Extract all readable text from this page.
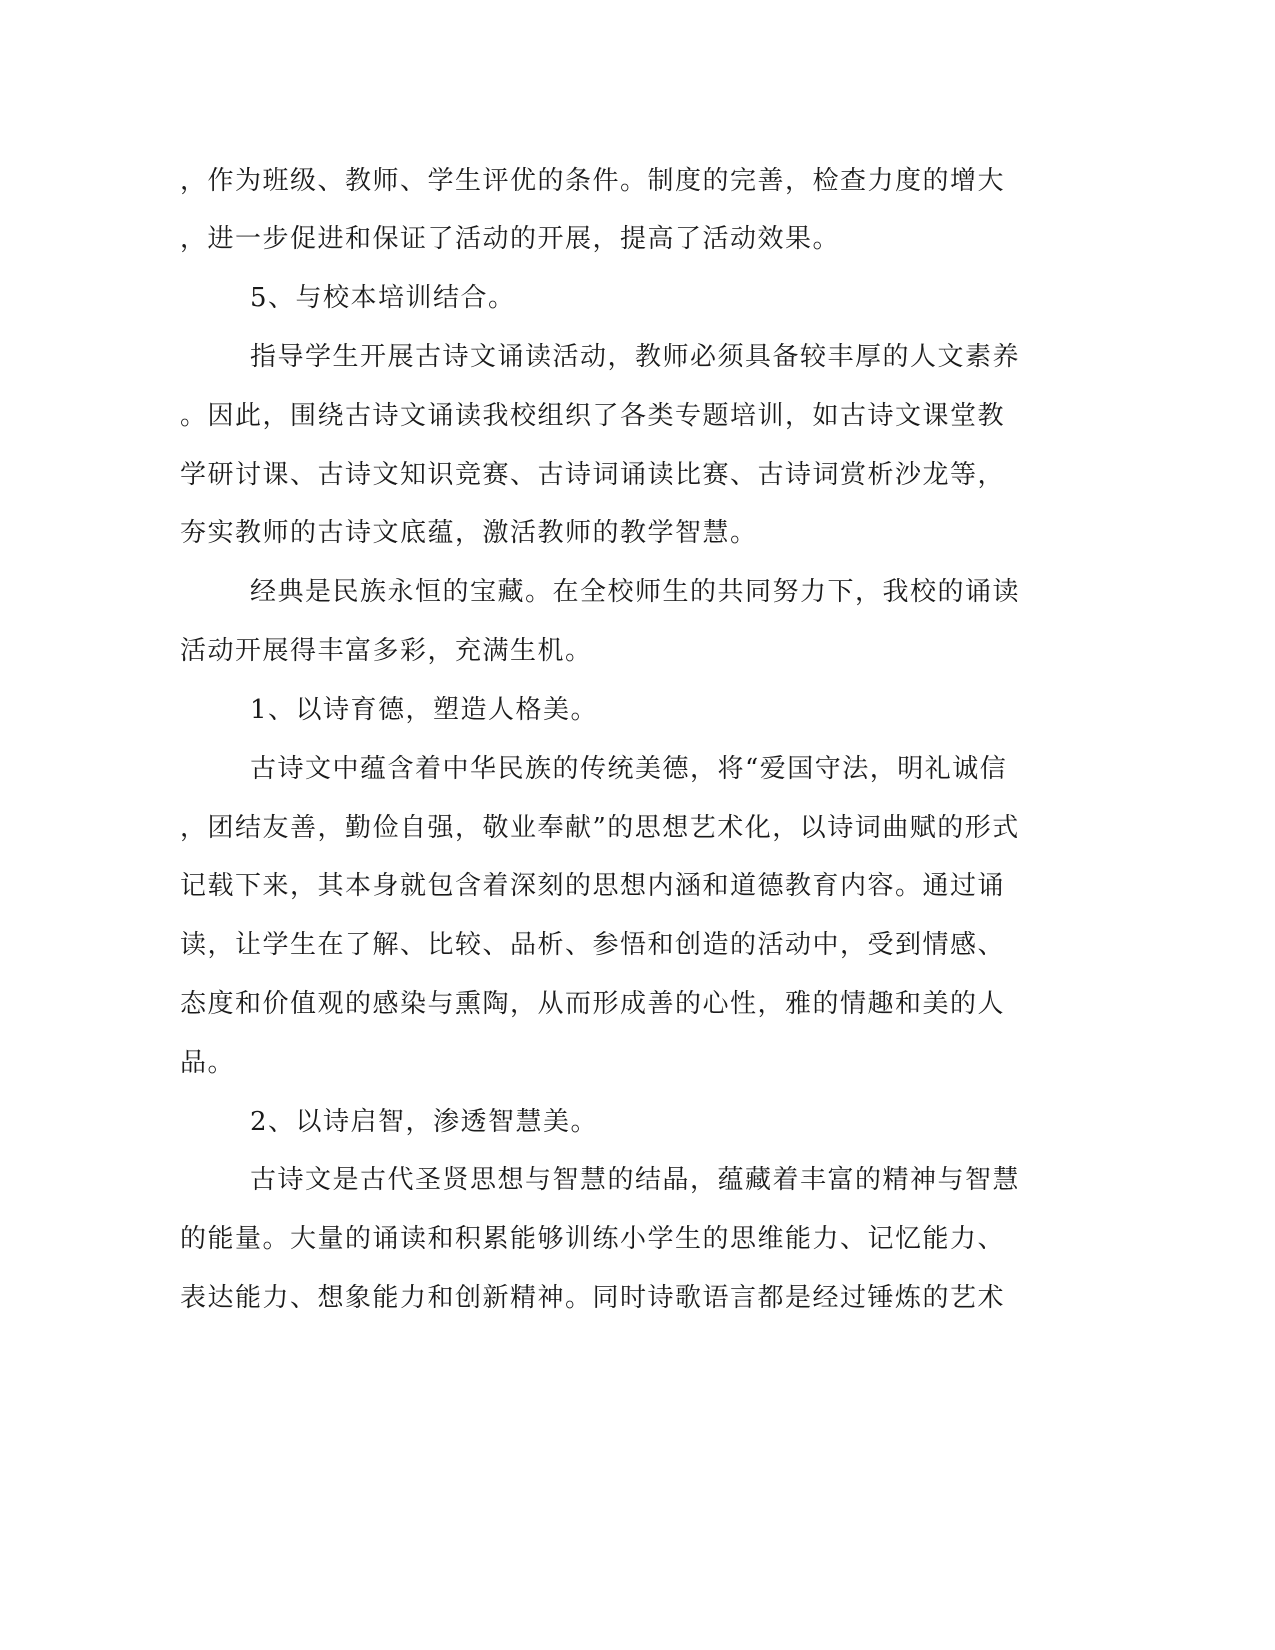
，作为班级、教师、学生评优的条件。制度的完善，检查力度的增大
，进一步促进和保证了活动的开展，提高了活动效果。
5、与校本培训结合。
指导学生开展古诗文诵读活动，教师必须具备较丰厚的人文素养
。因此，围绕古诗文诵读我校组织了各类专题培训，如古诗文课堂教
学研讨课、古诗文知识竞赛、古诗词诵读比赛、古诗词赏析沙龙等，
夯实教师的古诗文底蕴，激活教师的教学智慧。
经典是民族永恒的宝藏。在全校师生的共同努力下，我校的诵读
活动开展得丰富多彩，充满生机。
1、以诗育德，塑造人格美。
古诗文中蕴含着中华民族的传统美德，将“爱国守法，明礼诚信
，团结友善，勤俭自强，敬业奉献”的思想艺术化，以诗词曲赋的形式
记载下来，其本身就包含着深刻的思想内涵和道德教育内容。通过诵
读，让学生在了解、比较、品析、参悟和创造的活动中，受到情感、
态度和价值观的感染与熏陶，从而形成善的心性，雅的情趣和美的人
品。
2、以诗启智，渗透智慧美。
古诗文是古代圣贤思想与智慧的结晶，蕴藏着丰富的精神与智慧
的能量。大量的诵读和积累能够训练小学生的思维能力、记忆能力、
表达能力、想象能力和创新精神。同时诗歌语言都是经过锤炼的艺术
